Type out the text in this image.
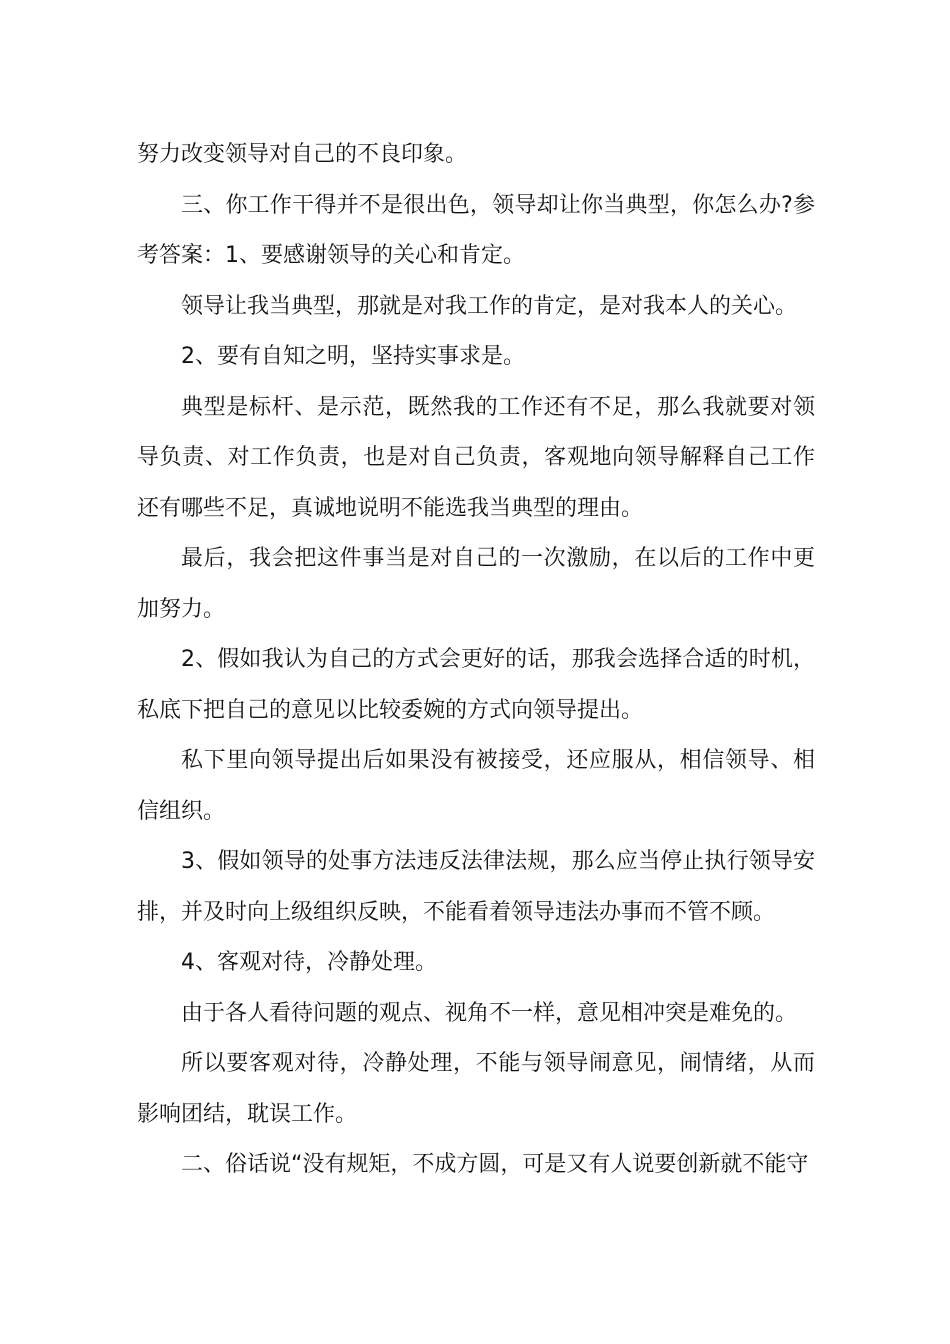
努力改变领导对自己的不良印象。

三、你工作干得并不是很出色，领导却让你当典型，你怎么办?参考答案：1、要感谢领导的关心和肯定。

领导让我当典型，那就是对我工作的肯定，是对我本人的关心。

2、要有自知之明，坚持实事求是。

典型是标杆、是示范，既然我的工作还有不足，那么我就要对领导负责、对工作负责，也是对自己负责，客观地向领导解释自己工作还有哪些不足，真诚地说明不能选我当典型的理由。

最后，我会把这件事当是对自己的一次激励，在以后的工作中更加努力。

2、假如我认为自己的方式会更好的话，那我会选择合适的时机，私底下把自己的意见以比较委婉的方式向领导提出。

私下里向领导提出后如果没有被接受，还应服从，相信领导、相信组织。

3、假如领导的处事方法违反法律法规，那么应当停止执行领导安排，并及时向上级组织反映，不能看着领导违法办事而不管不顾。

4、客观对待，冷静处理。

由于各人看待问题的观点、视角不一样，意见相冲突是难免的。

所以要客观对待，冷静处理，不能与领导闹意见，闹情绪，从而影响团结，耽误工作。

二、俗话说“没有规矩，不成方圆，可是又有人说要创新就不能守
